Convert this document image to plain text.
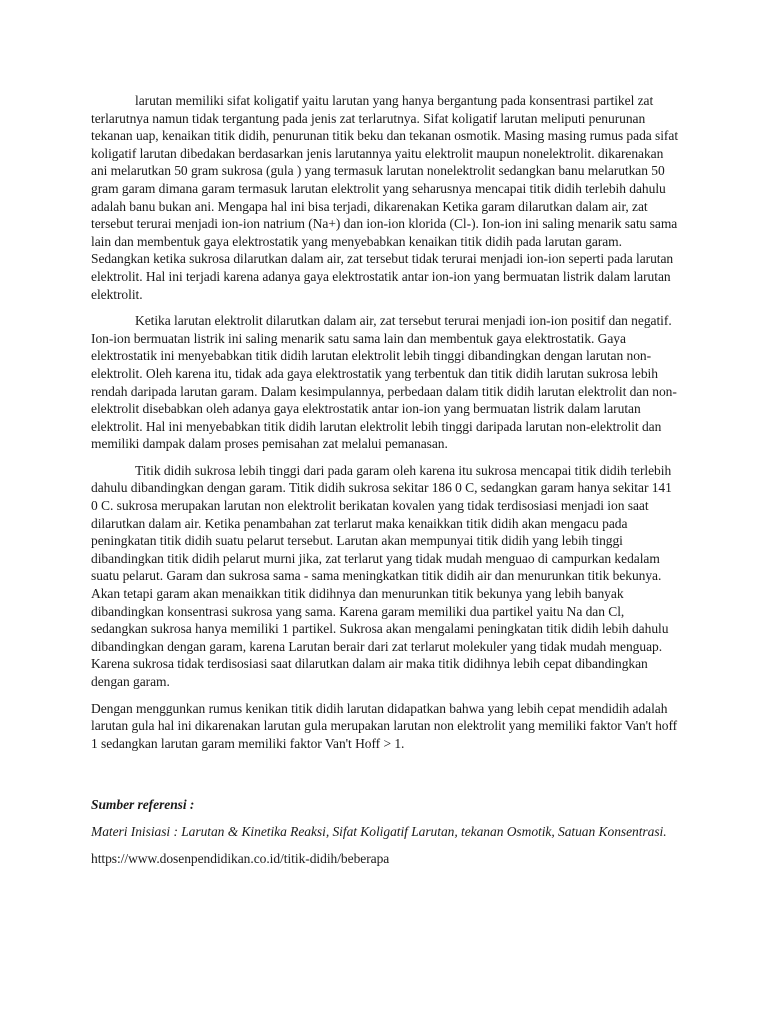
larutan memiliki sifat koligatif yaitu larutan yang hanya bergantung pada konsentrasi partikel zat terlarutnya namun tidak tergantung pada jenis zat terlarutnya. Sifat koligatif larutan meliputi penurunan tekanan uap, kenaikan titik didih, penurunan titik beku dan tekanan osmotik. Masing masing rumus pada sifat koligatif larutan dibedakan berdasarkan jenis larutannya yaitu elektrolit maupun nonelektrolit. dikarenakan ani melarutkan 50 gram sukrosa (gula ) yang termasuk larutan nonelektrolit sedangkan banu melarutkan 50 gram garam dimana garam termasuk larutan elektrolit yang seharusnya mencapai titik didih terlebih dahulu adalah banu bukan ani. Mengapa hal ini bisa terjadi, dikarenakan Ketika garam dilarutkan dalam air, zat tersebut terurai menjadi ion-ion natrium (Na+) dan ion-ion klorida (Cl-). Ion-ion ini saling menarik satu sama lain dan membentuk gaya elektrostatik yang menyebabkan kenaikan titik didih pada larutan garam. Sedangkan ketika sukrosa dilarutkan dalam air, zat tersebut tidak terurai menjadi ion-ion seperti pada larutan elektrolit. Hal ini terjadi karena adanya gaya elektrostatik antar ion-ion yang bermuatan listrik dalam larutan elektrolit.

Ketika larutan elektrolit dilarutkan dalam air, zat tersebut terurai menjadi ion-ion positif dan negatif. Ion-ion bermuatan listrik ini saling menarik satu sama lain dan membentuk gaya elektrostatik. Gaya elektrostatik ini menyebabkan titik didih larutan elektrolit lebih tinggi dibandingkan dengan larutan non-elektrolit. Oleh karena itu, tidak ada gaya elektrostatik yang terbentuk dan titik didih larutan sukrosa lebih rendah daripada larutan garam. Dalam kesimpulannya, perbedaan dalam titik didih larutan elektrolit dan non-elektrolit disebabkan oleh adanya gaya elektrostatik antar ion-ion yang bermuatan listrik dalam larutan elektrolit. Hal ini menyebabkan titik didih larutan elektrolit lebih tinggi daripada larutan non-elektrolit dan memiliki dampak dalam proses pemisahan zat melalui pemanasan.

Titik didih sukrosa lebih tinggi dari pada garam oleh karena itu sukrosa mencapai titik didih terlebih dahulu dibandingkan dengan garam. Titik didih sukrosa sekitar 186 0 C, sedangkan garam hanya sekitar 141 0 C. sukrosa merupakan larutan non elektrolit berikatan kovalen yang tidak terdisosiasi menjadi ion saat dilarutkan dalam air. Ketika penambahan zat terlarut maka kenaikkan titik didih akan mengacu pada peningkatan titik didih suatu pelarut tersebut. Larutan akan mempunyai titik didih yang lebih tinggi dibandingkan titik didih pelarut murni jika, zat terlarut yang tidak mudah menguao di campurkan kedalam suatu pelarut. Garam dan sukrosa sama - sama meningkatkan titik didih air dan menurunkan titik bekunya. Akan tetapi garam akan menaikkan titik didihnya dan menurunkan titik bekunya yang lebih banyak dibandingkan konsentrasi sukrosa yang sama. Karena garam memiliki dua partikel yaitu Na dan Cl, sedangkan sukrosa hanya memiliki 1 partikel. Sukrosa akan mengalami peningkatan titik didih lebih dahulu dibandingkan dengan garam, karena Larutan berair dari zat terlarut molekuler yang tidak mudah menguap. Karena sukrosa tidak terdisosiasi saat dilarutkan dalam air maka titik didihnya lebih cepat dibandingkan dengan garam.

Dengan menggunkan rumus kenikan titik didih larutan didapatkan bahwa yang lebih cepat mendidih adalah larutan gula hal ini dikarenakan larutan gula merupakan larutan non elektrolit yang memiliki faktor Van't hoff 1 sedangkan larutan garam memiliki faktor Van't Hoff > 1.

Sumber referensi :

Materi Inisiasi : Larutan & Kinetika Reaksi, Sifat Koligatif Larutan, tekanan Osmotik, Satuan Konsentrasi.

https://www.dosenpendidikan.co.id/titik-didih/beberapa
